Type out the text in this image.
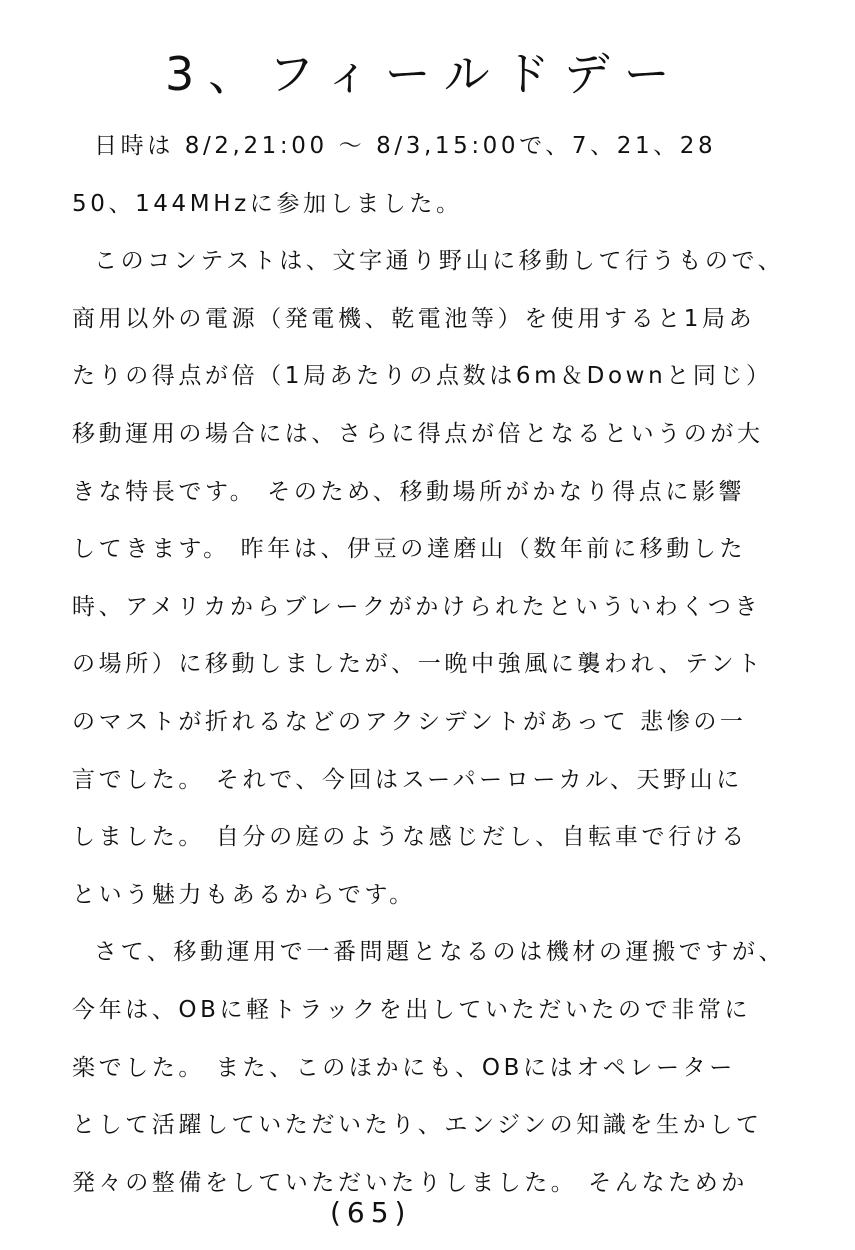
3、フィールドデー
日時は 8/2,21:00 〜 8/3,15:00で、7、21、28
50、144MHzに参加しました。
このコンテストは、文字通り野山に移動して行うもので、
商用以外の電源（発電機、乾電池等）を使用すると1局あ
たりの得点が倍（1局あたりの点数は6m＆Downと同じ）
移動運用の場合には、さらに得点が倍となるというのが大
きな特長です。 そのため、移動場所がかなり得点に影響
してきます。 昨年は、伊豆の達磨山（数年前に移動した
時、アメリカからブレークがかけられたといういわくつき
の場所）に移動しましたが、一晩中強風に襲われ、テント
のマストが折れるなどのアクシデントがあって 悲惨の一
言でした。 それで、今回はスーパーローカル、天野山に
しました。 自分の庭のような感じだし、自転車で行ける
という魅力もあるからです。
さて、移動運用で一番問題となるのは機材の運搬ですが、
今年は、OBに軽トラックを出していただいたので非常に
楽でした。 また、このほかにも、OBにはオペレーター
として活躍していただいたり、エンジンの知識を生かして
発々の整備をしていただいたりしました。 そんなためか
(65)
